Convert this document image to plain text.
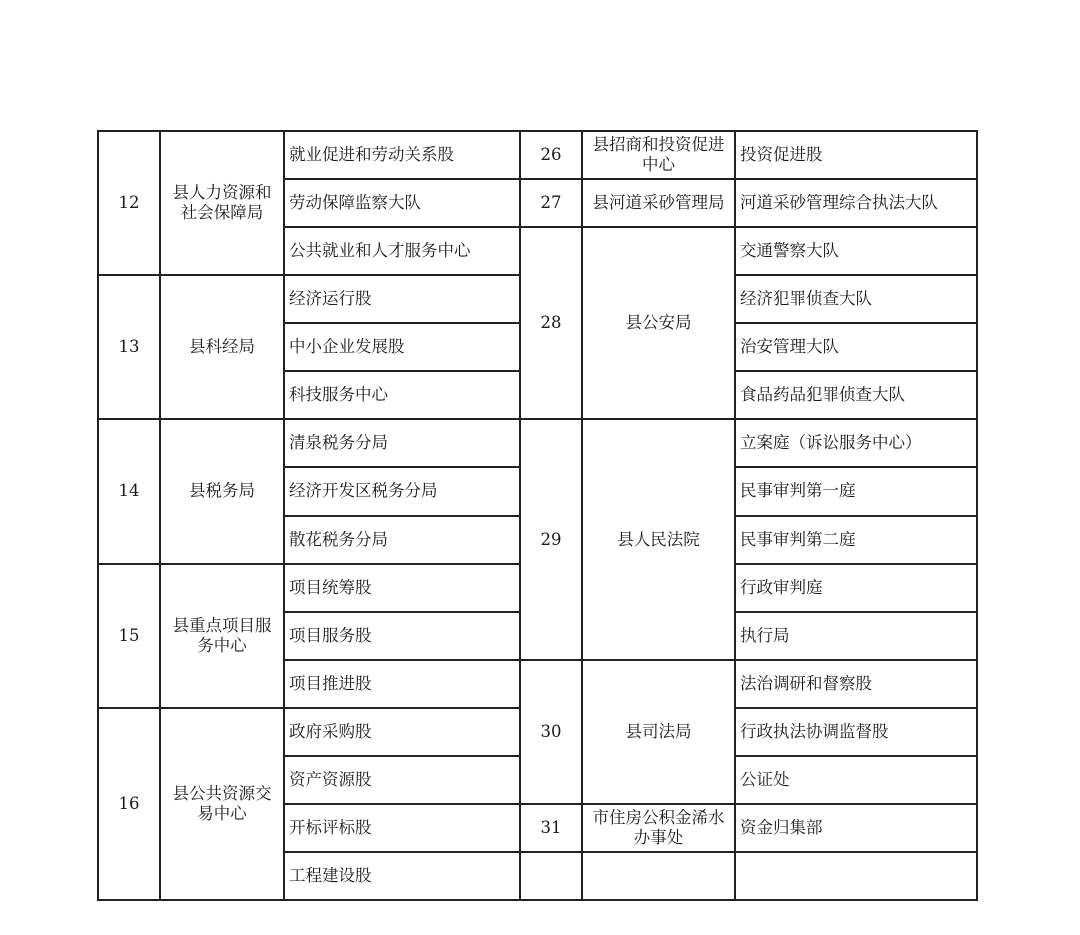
12	县人力资源和社会保障局	就业促进和劳动关系股	26	县招商和投资促进中心	投资促进股
		劳动保障监察大队	27	县河道采砂管理局	河道采砂管理综合执法大队
		公共就业和人才服务中心	28	县公安局	交通警察大队
13	县科经局	经济运行股			经济犯罪侦查大队
		中小企业发展股			治安管理大队
		科技服务中心			食品药品犯罪侦查大队
14	县税务局	清泉税务分局	29	县人民法院	立案庭（诉讼服务中心）
		经济开发区税务分局			民事审判第一庭
		散花税务分局			民事审判第二庭
15	县重点项目服务中心	项目统筹股			行政审判庭
		项目服务股			执行局
		项目推进股	30	县司法局	法治调研和督察股
16	县公共资源交易中心	政府采购股			行政执法协调监督股
		资产资源股			公证处
		开标评标股	31	市住房公积金浠水办事处	资金归集部
		工程建设股			
